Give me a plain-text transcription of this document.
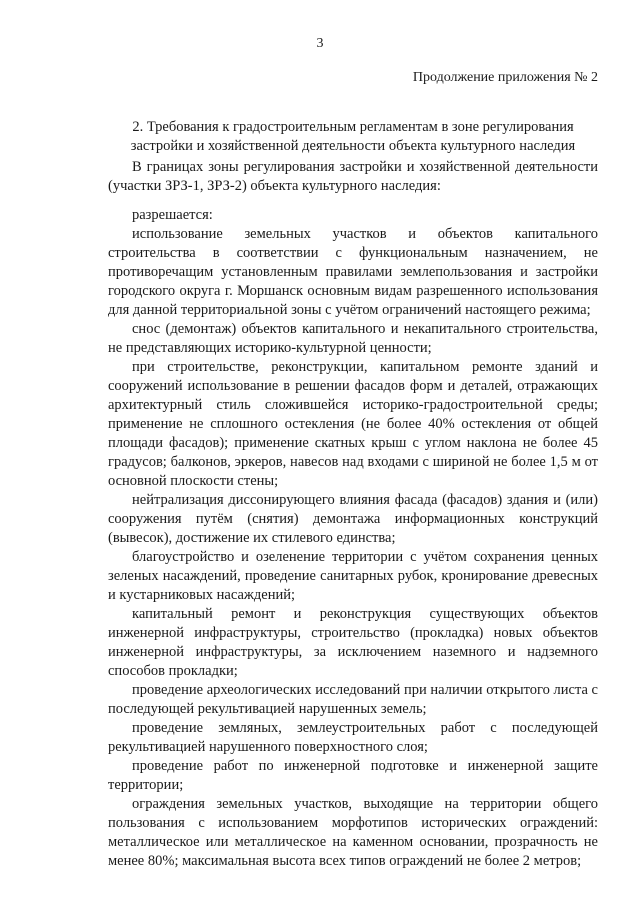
3
Продолжение приложения № 2
2. Требования к градостроительным регламентам в зоне регулирования застройки и хозяйственной деятельности объекта культурного наследия

В границах зоны регулирования застройки и хозяйственной деятельности (участки ЗРЗ-1, ЗРЗ-2) объекта культурного наследия:

разрешается:

использование земельных участков и объектов капитального строительства в соответствии с функциональным назначением, не противоречащим установленным правилами землепользования и застройки городского округа г. Моршанск основным видам разрешенного использования для данной территориальной зоны с учётом ограничений настоящего режима;

снос (демонтаж) объектов капитального и некапитального строительства, не представляющих историко-культурной ценности;

при строительстве, реконструкции, капитальном ремонте зданий и сооружений использование в решении фасадов форм и деталей, отражающих архитектурный стиль сложившейся историко-градостроительной среды; применение не сплошного остекления (не более 40% остекления от общей площади фасадов); применение скатных крыш с углом наклона не более 45 градусов; балконов, эркеров, навесов над входами с шириной не более 1,5 м от основной плоскости стены;

нейтрализация диссонирующего влияния фасада (фасадов) здания и (или) сооружения путём (снятия) демонтажа информационных конструкций (вывесок), достижение их стилевого единства;

благоустройство и озеленение территории с учётом сохранения ценных зеленых насаждений, проведение санитарных рубок, кронирование древесных и кустарниковых насаждений;

капитальный ремонт и реконструкция существующих объектов инженерной инфраструктуры, строительство (прокладка) новых объектов инженерной инфраструктуры, за исключением наземного и надземного способов прокладки;

проведение археологических исследований при наличии открытого листа с последующей рекультивацией нарушенных земель;

проведение земляных, землеустроительных работ с последующей рекультивацией нарушенного поверхностного слоя;

проведение работ по инженерной подготовке и инженерной защите территории;

ограждения земельных участков, выходящие на территории общего пользования с использованием морфотипов исторических ограждений: металлическое или металлическое на каменном основании, прозрачность не менее 80%; максимальная высота всех типов ограждений не более 2 метров;
